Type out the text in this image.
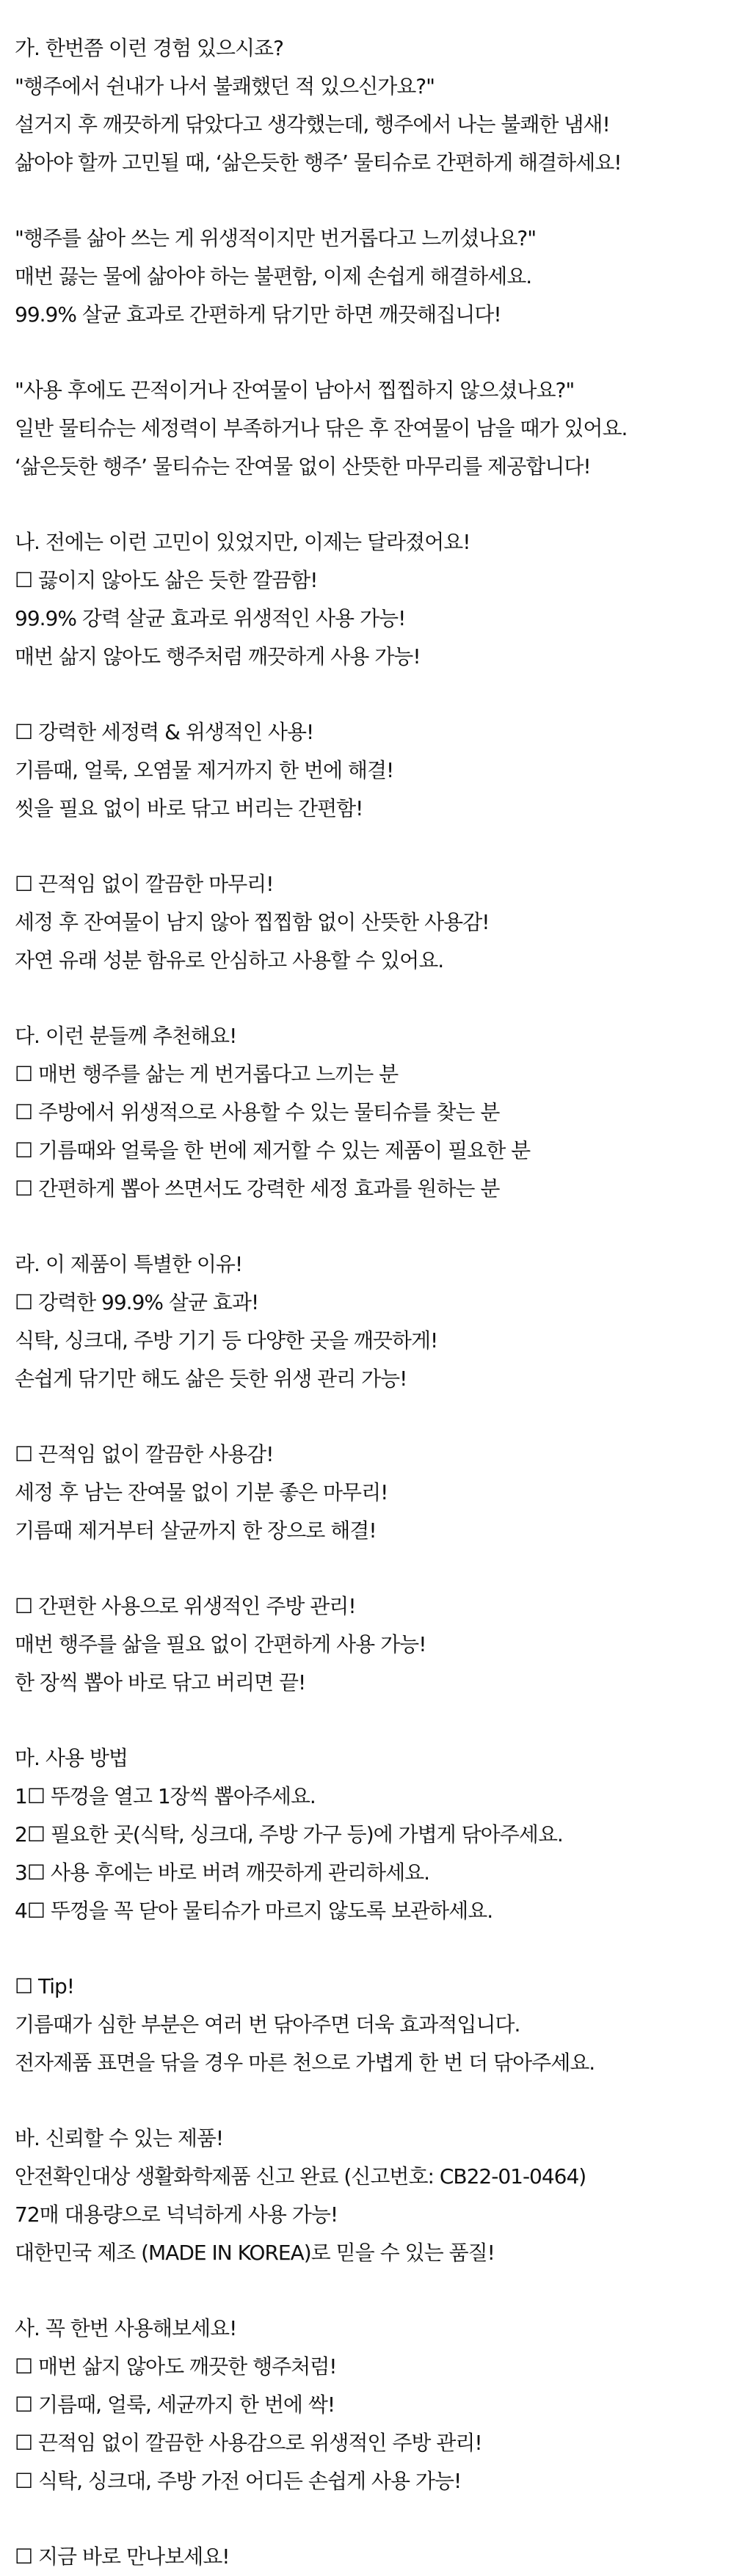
가. 한번쯤 이런 경험 있으시죠?
"행주에서 쉰내가 나서 불쾌했던 적 있으신가요?"
설거지 후 깨끗하게 닦았다고 생각했는데, 행주에서 나는 불쾌한 냄새!
삶아야 할까 고민될 때, ‘삶은듯한 행주’ 물티슈로 간편하게 해결하세요!
"행주를 삶아 쓰는 게 위생적이지만 번거롭다고 느끼셨나요?"
매번 끓는 물에 삶아야 하는 불편함, 이제 손쉽게 해결하세요.
99.9% 살균 효과로 간편하게 닦기만 하면 깨끗해집니다!
"사용 후에도 끈적이거나 잔여물이 남아서 찝찝하지 않으셨나요?"
일반 물티슈는 세정력이 부족하거나 닦은 후 잔여물이 남을 때가 있어요.
‘삶은듯한 행주’ 물티슈는 잔여물 없이 산뜻한 마무리를 제공합니다!
나. 전에는 이런 고민이 있었지만, 이제는 달라졌어요!
☐ 끓이지 않아도 삶은 듯한 깔끔함!
99.9% 강력 살균 효과로 위생적인 사용 가능!
매번 삶지 않아도 행주처럼 깨끗하게 사용 가능!
☐ 강력한 세정력 & 위생적인 사용!
기름때, 얼룩, 오염물 제거까지 한 번에 해결!
씻을 필요 없이 바로 닦고 버리는 간편함!
☐ 끈적임 없이 깔끔한 마무리!
세정 후 잔여물이 남지 않아 찝찝함 없이 산뜻한 사용감!
자연 유래 성분 함유로 안심하고 사용할 수 있어요.
다. 이런 분들께 추천해요!
☐ 매번 행주를 삶는 게 번거롭다고 느끼는 분
☐ 주방에서 위생적으로 사용할 수 있는 물티슈를 찾는 분
☐ 기름때와 얼룩을 한 번에 제거할 수 있는 제품이 필요한 분
☐ 간편하게 뽑아 쓰면서도 강력한 세정 효과를 원하는 분
라. 이 제품이 특별한 이유!
☐ 강력한 99.9% 살균 효과!
식탁, 싱크대, 주방 기기 등 다양한 곳을 깨끗하게!
손쉽게 닦기만 해도 삶은 듯한 위생 관리 가능!
☐ 끈적임 없이 깔끔한 사용감!
세정 후 남는 잔여물 없이 기분 좋은 마무리!
기름때 제거부터 살균까지 한 장으로 해결!
☐ 간편한 사용으로 위생적인 주방 관리!
매번 행주를 삶을 필요 없이 간편하게 사용 가능!
한 장씩 뽑아 바로 닦고 버리면 끝!
마. 사용 방법
1☐ 뚜껑을 열고 1장씩 뽑아주세요.
2☐ 필요한 곳(식탁, 싱크대, 주방 가구 등)에 가볍게 닦아주세요.
3☐ 사용 후에는 바로 버려 깨끗하게 관리하세요.
4☐ 뚜껑을 꼭 닫아 물티슈가 마르지 않도록 보관하세요.
☐ Tip!
기름때가 심한 부분은 여러 번 닦아주면 더욱 효과적입니다.
전자제품 표면을 닦을 경우 마른 천으로 가볍게 한 번 더 닦아주세요.
바. 신뢰할 수 있는 제품!
안전확인대상 생활화학제품 신고 완료 (신고번호: CB22-01-0464)
72매 대용량으로 넉넉하게 사용 가능!
대한민국 제조 (MADE IN KOREA)로 믿을 수 있는 품질!
사. 꼭 한번 사용해보세요!
☐ 매번 삶지 않아도 깨끗한 행주처럼!
☐ 기름때, 얼룩, 세균까지 한 번에 싹!
☐ 끈적임 없이 깔끔한 사용감으로 위생적인 주방 관리!
☐ 식탁, 싱크대, 주방 가전 어디든 손쉽게 사용 가능!
☐ 지금 바로 만나보세요!
